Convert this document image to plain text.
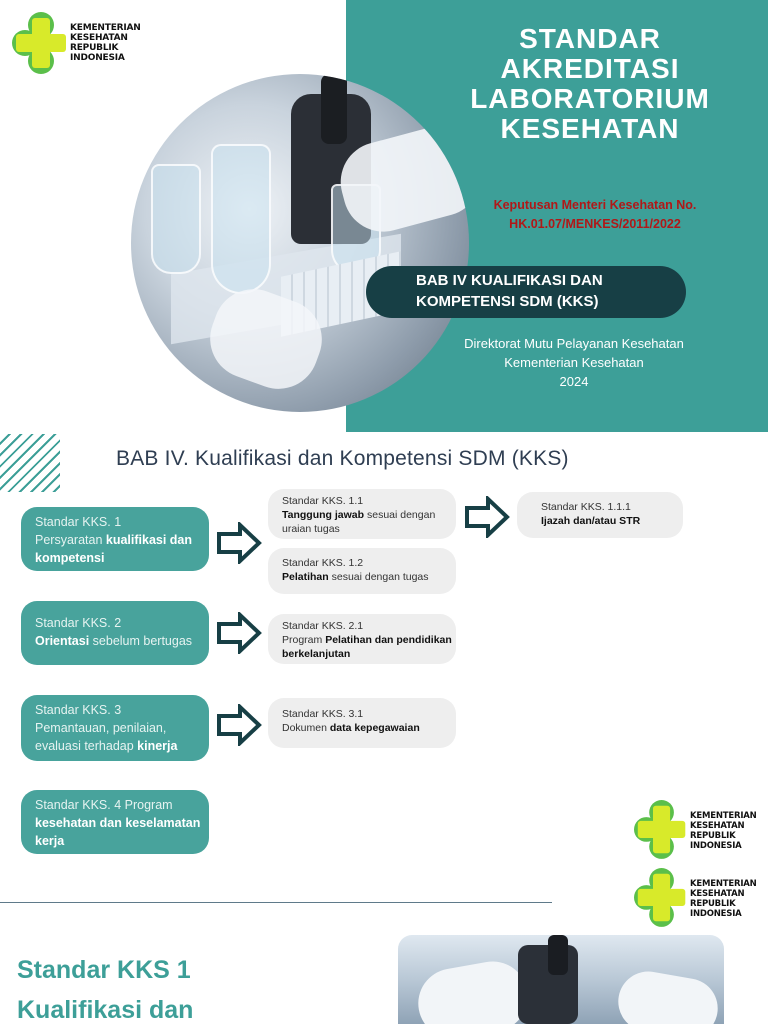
KEMENTERIAN
KESEHATAN
REPUBLIK
INDONESIA
STANDAR
AKREDITASI
LABORATORIUM
KESEHATAN
Keputusan Menteri Kesehatan No.
HK.01.07/MENKES/2011/2022
BAB IV KUALIFIKASI DAN
KOMPETENSI SDM (KKS)
Direktorat Mutu Pelayanan Kesehatan
Kementerian Kesehatan
2024
BAB IV. Kualifikasi dan Kompetensi SDM (KKS)
Standar KKS. 1
Persyaratan kualifikasi dan kompetensi
Standar KKS. 2
Orientasi sebelum bertugas
Standar KKS. 3
Pemantauan, penilaian, evaluasi terhadap kinerja
Standar KKS. 4 Program
kesehatan dan keselamatan kerja
Standar KKS. 1.1
Tanggung jawab sesuai dengan uraian tugas
Standar KKS. 1.2
Pelatihan sesuai dengan tugas
Standar KKS. 2.1
Program Pelatihan dan pendidikan berkelanjutan
Standar KKS. 3.1
Dokumen data kepegawaian
Standar KKS. 1.1.1
Ijazah dan/atau STR
KEMENTERIAN
KESEHATAN
REPUBLIK
INDONESIA
KEMENTERIAN
KESEHATAN
REPUBLIK
INDONESIA
Standar KKS 1
Kualifikasi dan
